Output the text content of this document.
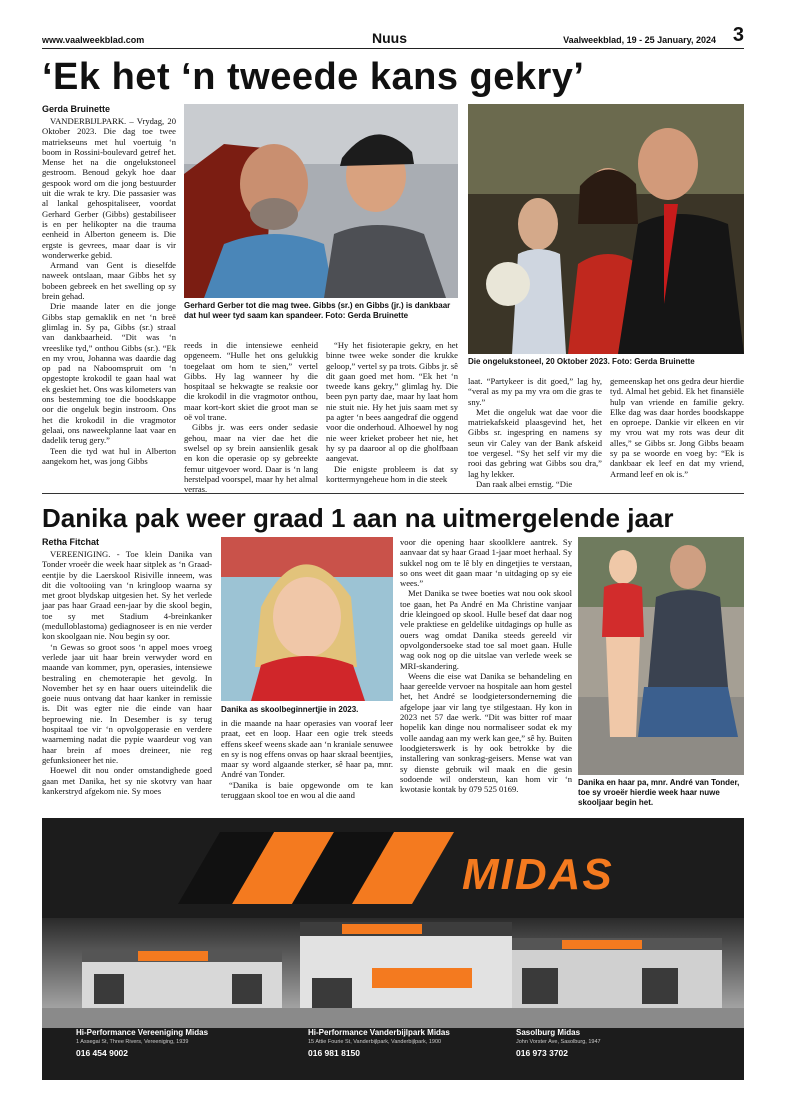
www.vaalweekblad.com	Nuus	Vaalweekblad, 19 - 25 January, 2024 3
‘Ek het ‘n tweede kans gekry’
Gerda Bruinette

VANDERBIJLPARK. – Vrydag, 20 Oktober 2023. Die dag toe twee matriekseuns met hul voertuig ‘n boom in Rossini-boulevard getref het. Mense het na die ongelukstoneel gestroom. Benoud gekyk hoe daar gespook word om die jong bestuurder uit die wrak te kry. Die passasier was al lankal gehospitaliseer, voordat Gerhard Gerber (Gibbs) gestabiliseer is en per helikopter na die trauma eenheid in Alberton geneem is. Die ergste is gevrees, maar daar is vir wonderwerke gebid.

Armand van Gent is dieselfde naweek ontslaan, maar Gibbs het sy bobeen gebreek en het swelling op sy brein gehad.

Drie maande later en die jonge Gibbs stap gemaklik en net ‘n breë glimlag in. Sy pa, Gibbs (sr.) straal van dankbaarheid. “Dit was ‘n vreeslike tyd,” onthou Gibbs (sr.). “Ek en my vrou, Johanna was daardie dag op pad na Naboomspruit om ‘n opgestopte krokodil te gaan haal wat ek geskiet het. Ons was kilometers van ons bestemming toe die boodskappe oor die ongeluk begin instroom. Ons het die krokodil in die vragmotor gelaai, ons naweekplanne laat vaar en dadelik terug gery.”

Teen die tyd wat hul in Alberton aangekom het, was jong Gibbs

Gerhard Gerber tot die mag twee. Gibbs (sr.) en Gibbs (jr.) is dankbaar dat hul weer tyd saam kan spandeer. Foto: Gerda Bruinette

reeds in die intensiewe eenheid opgeneem. “Hulle het ons gelukkig toegelaat om hom te sien,” vertel Gibbs. Hy lag wanneer hy die hospitaal se hekwagte se reaksie oor die krokodil in die vragmotor onthou, maar kort-kort skiet die groot man se oë vol trane.

Gibbs jr. was eers onder sedasie gehou, maar na vier dae het die swelsel op sy brein aansienlik gesak en kon die operasie op sy gebreekte femur uitgevoer word. Daar is ‘n lang herstelpad voorspel, maar hy het almal verras.

“Hy het fisioterapie gekry, en het binne twee weke sonder die krukke geloop,” vertel sy pa trots. Gibbs jr. sê dit gaan goed met hom. “Ek het ‘n tweede kans gekry,” glimlag hy. Die been pyn party dae, maar hy laat hom nie stuit nie. Hy het juis saam met sy pa agter ‘n bees aangedraf die oggend voor die onderhoud. Alhoewel hy nog nie weer krieket probeer het nie, het hy sy pa daaroor al op die gholfbaan aangevat.

Die enigste probleem is dat sy korttermyngeheue hom in die steek

Die ongelukstoneel, 20 Oktober 2023. Foto: Gerda Bruinette

laat. “Partykeer is dit goed,” lag hy, “veral as my pa my vra om die gras te sny.”

Met die ongeluk wat dae voor die matriekafskeid plaasgevind het, het Gibbs sr. ingespring en namens sy seun vir Caley van der Bank afskeid toe vergesel. “Sy het self vir my die rooi das gebring wat Gibbs sou dra,” lag hy lekker.

Dan raak albei ernstig. “Die

gemeenskap het ons gedra deur hierdie tyd. Almal het gebid. Ek het finansiële hulp van vriende en familie gekry. Elke dag was daar hordes boodskappe en oproepe. Dankie vir elkeen en vir my vrou wat my rots was deur dit alles,” se Gibbs sr. Jong Gibbs beaam sy pa se woorde en voeg by: “Ek is dankbaar ek leef en dat my vriend, Armand leef en ok is.”

Danika pak weer graad 1 aan na uitmergelende jaar
Retha Fitchat

VEREENIGING. - Toe klein Danika van Tonder vroeër die week haar sitplek as ‘n Graad-eentjie by die Laerskool Risiville inneem, was dit die voltooiing van ‘n kringloop waarna sy met groot blydskap uitgesien het. Sy het verlede jaar pas haar Graad een-jaar by die skool begin, toe sy met Stadium 4-breinkanker (medulloblastoma) gediagnoseer is en nie verder kon skoolgaan nie. Nou begin sy oor.

‘n Gewas so groot soos ‘n appel moes vroeg verlede jaar uit haar brein verwyder word en maande van kommer, pyn, operasies, intensiewe bestraling en chemoterapie het gevolg. In November het sy en haar ouers uiteindelik die goeie nuus ontvang dat haar kanker in remissie is. Dit was egter nie die einde van haar beproewing nie. In Desember is sy terug hospitaal toe vir ‘n opvolgoperasie en verdere waarneming nadat die pypie waardeur vog van haar brein af moes dreineer, nie reg gefunksioneer het nie.

Hoewel dit nou onder omstandighede goed gaan met Danika, het sy nie skotvry van haar kankerstryd afgekom nie. Sy moes

Danika as skoolbeginnertjie in 2023.

in die maande na haar operasies van vooraf leer praat, eet en loop. Haar een ogie trek steeds effens skeef weens skade aan ‘n kraniale senuwee en sy is nog effens onvas op haar skraal beentjies, maar sy word algaande sterker, sê haar pa, mnr. André van Tonder.

“Danika is baie opgewonde om te kan teruggaan skool toe en wou al die aand

voor die opening haar skoolklere aantrek. Sy aanvaar dat sy haar Graad 1-jaar moet herhaal. Sy sukkel nog om te lê bly en dingetjies te verstaan, so ons weet dit gaan maar ‘n uitdaging op sy eie wees.”

Met Danika se twee boeties wat nou ook skool toe gaan, het Pa André en Ma Christine vanjaar drie kleingoed op skool. Hulle besef dat daar nog vele praktiese en geldelike uitdagings op hulle as ouers wag omdat Danika steeds gereeld vir opvolgondersoeke stad toe sal moet gaan. Hulle wag ook nog op die uitslae van verlede week se MRI-skandering.

Weens die eise wat Danika se behandeling en haar gereelde vervoer na hospitale aan hom gestel het, het André se loodgietersonderneming die afgelope jaar vir lang tye stilgestaan. Hy kon in 2023 net 57 dae werk. “Dit was bitter rof maar hopelik kan dinge nou normaliseer sodat ek my volle aandag aan my werk kan gee,” sê hy. Buiten loodgieterswerk is hy ook betrokke by die installering van sonkrag-geisers. Mense wat van sy dienste gebruik wil maak en die gesin sodoende wil ondersteun, kan hom vir ‘n kwotasie kontak by 079 525 0169.

Danika en haar pa, mnr. André van Tonder, toe sy vroeër hierdie week haar nuwe skooljaar begin het.
MIDAS
Hi-Performance Vereeniging Midas
1 Assegai St, Three Rivers, Vereeniging, 1939
016 454 9002
Hi-Performance Vanderbijlpark Midas
15 Attie Fourie St, Vanderbijlpark, Vanderbijlpark, 1900
016 981 8150
Sasolburg Midas
John Vorster Ave, Sasolburg, 1947
016 973 3702
